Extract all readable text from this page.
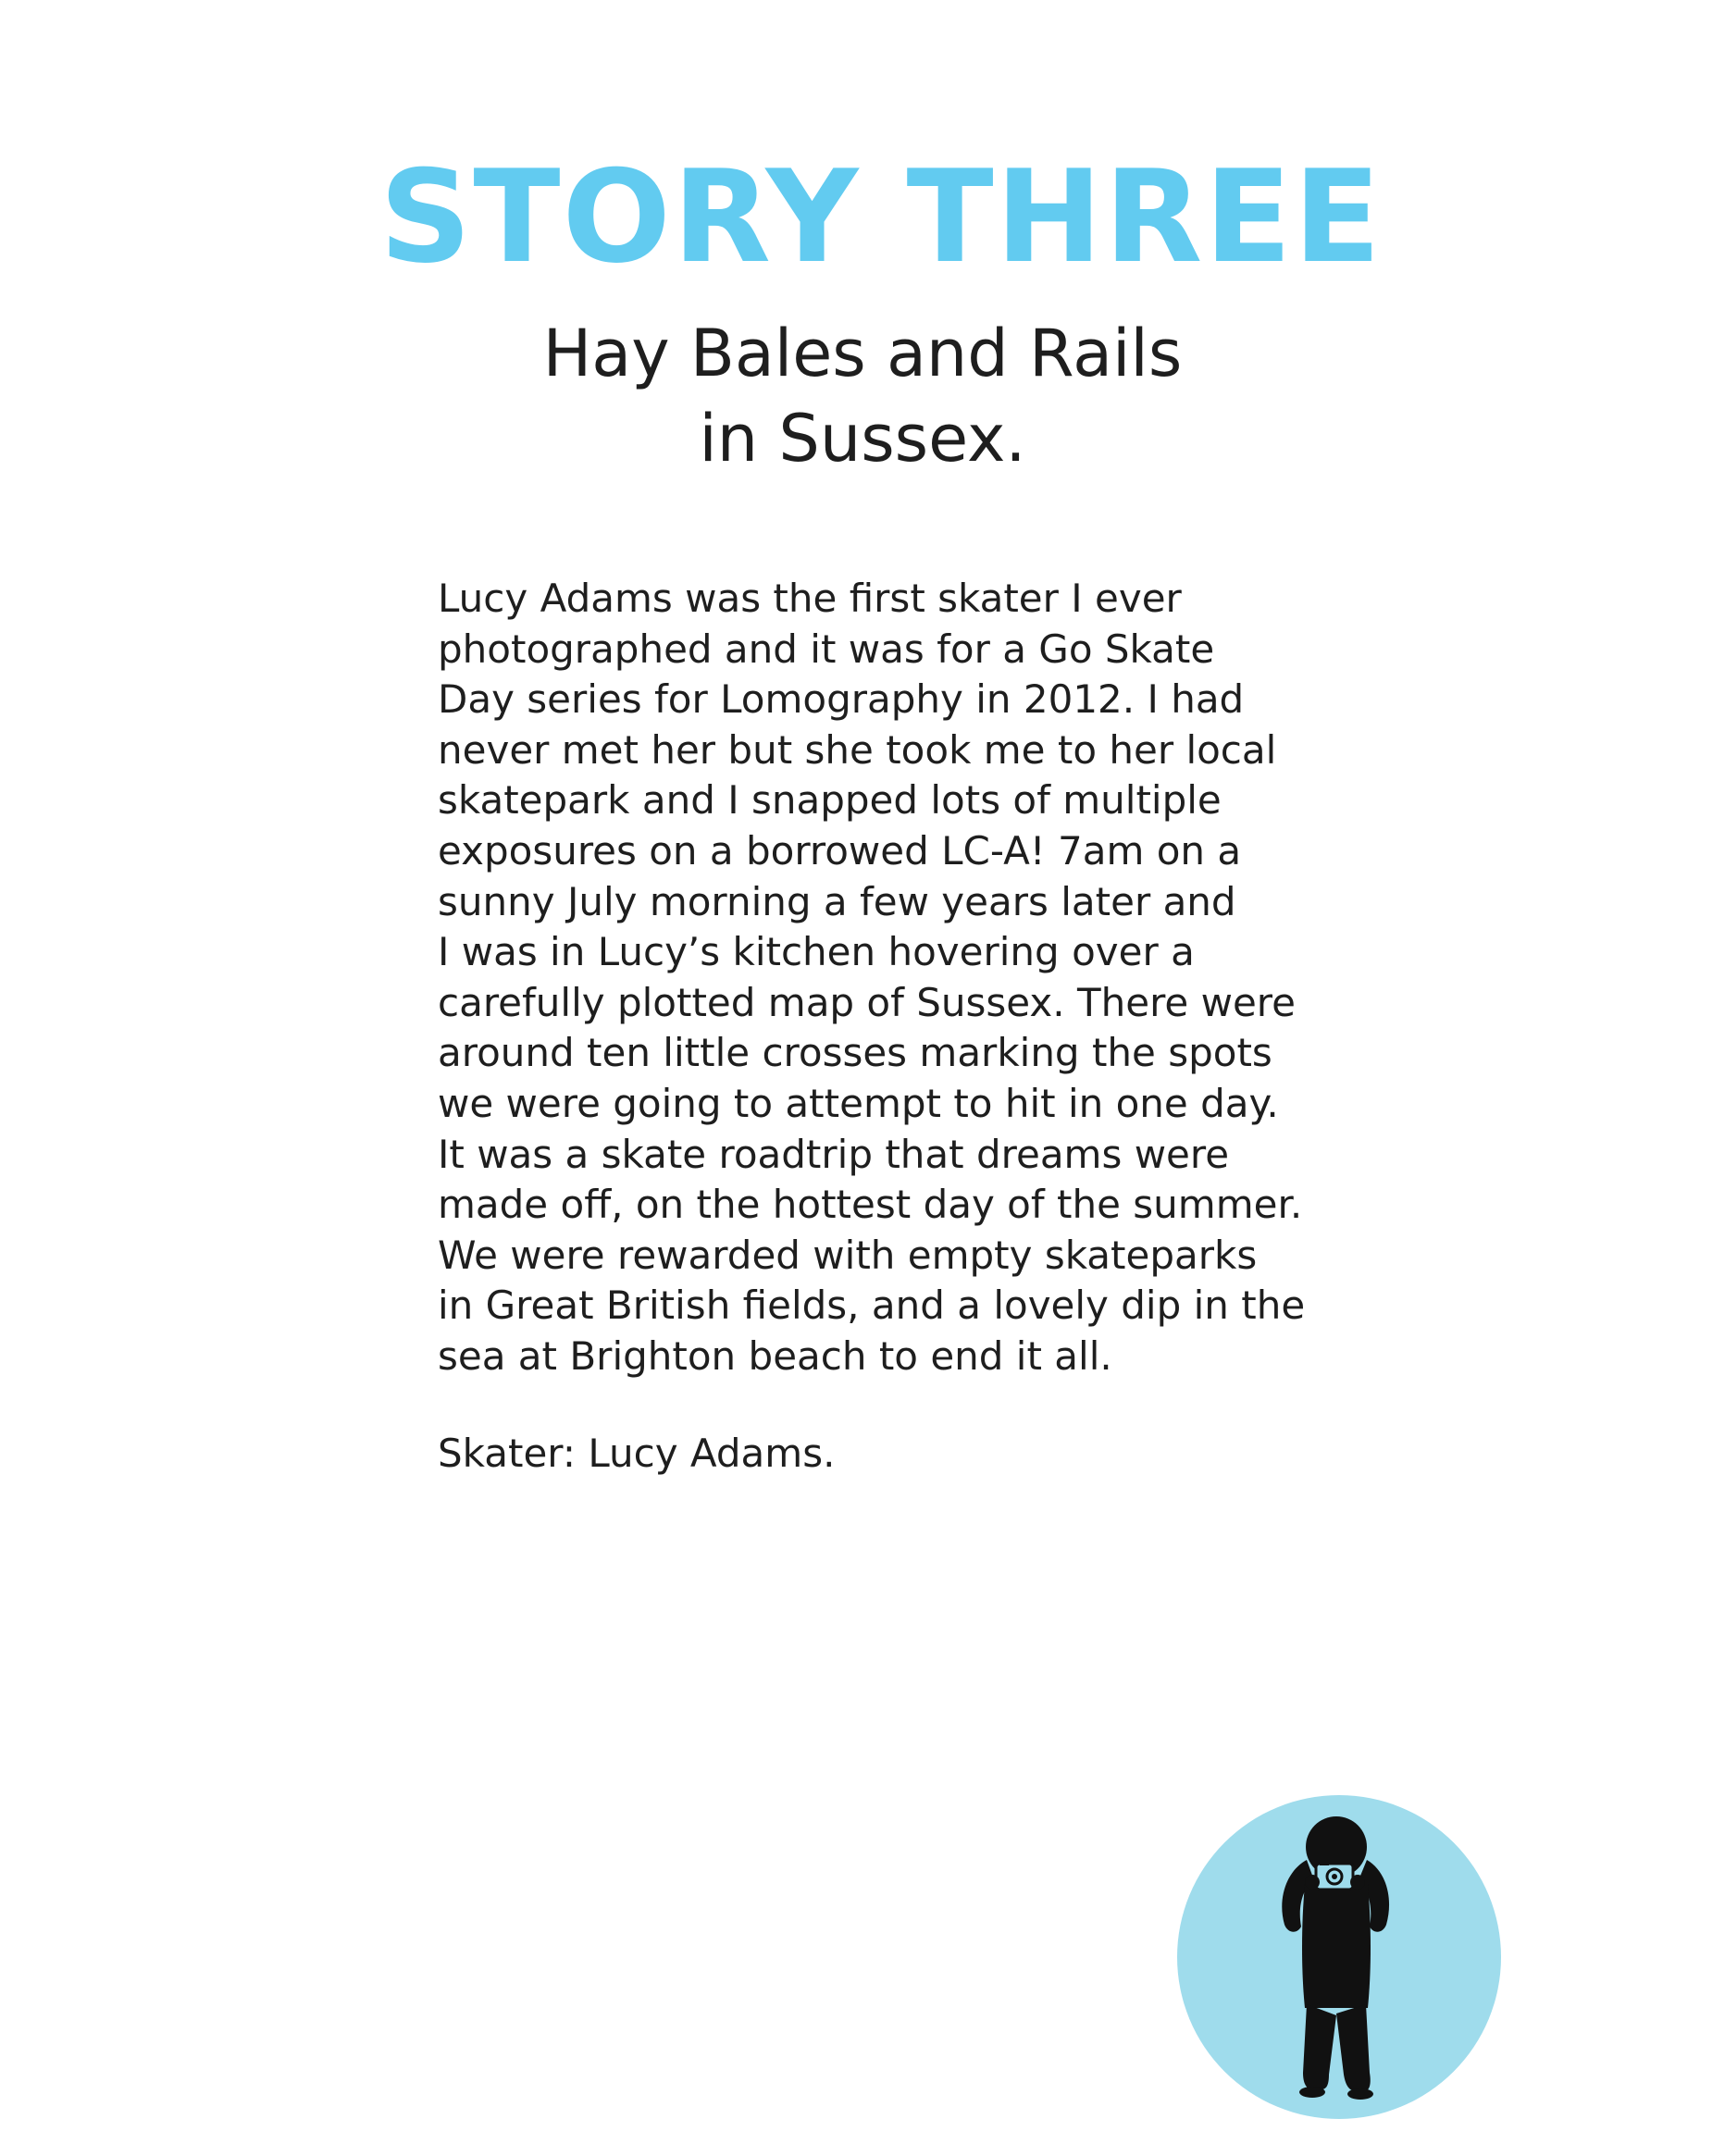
STORY THREE
Hay Bales and Rails
in Sussex.
Lucy Adams was the first skater I ever
photographed and it was for a Go Skate
Day series for Lomography in 2012. I had
never met her but she took me to her local
skatepark and I snapped lots of multiple
exposures on a borrowed LC-A! 7am on a
sunny July morning a few years later and
I was in Lucy’s kitchen hovering over a
carefully plotted map of Sussex. There were
around ten little crosses marking the spots
we were going to attempt to hit in one day.
It was a skate roadtrip that dreams were
made off, on the hottest day of the summer.
We were rewarded with empty skateparks
in Great British fields, and a lovely dip in the
sea at Brighton beach to end it all.
Skater: Lucy Adams.
